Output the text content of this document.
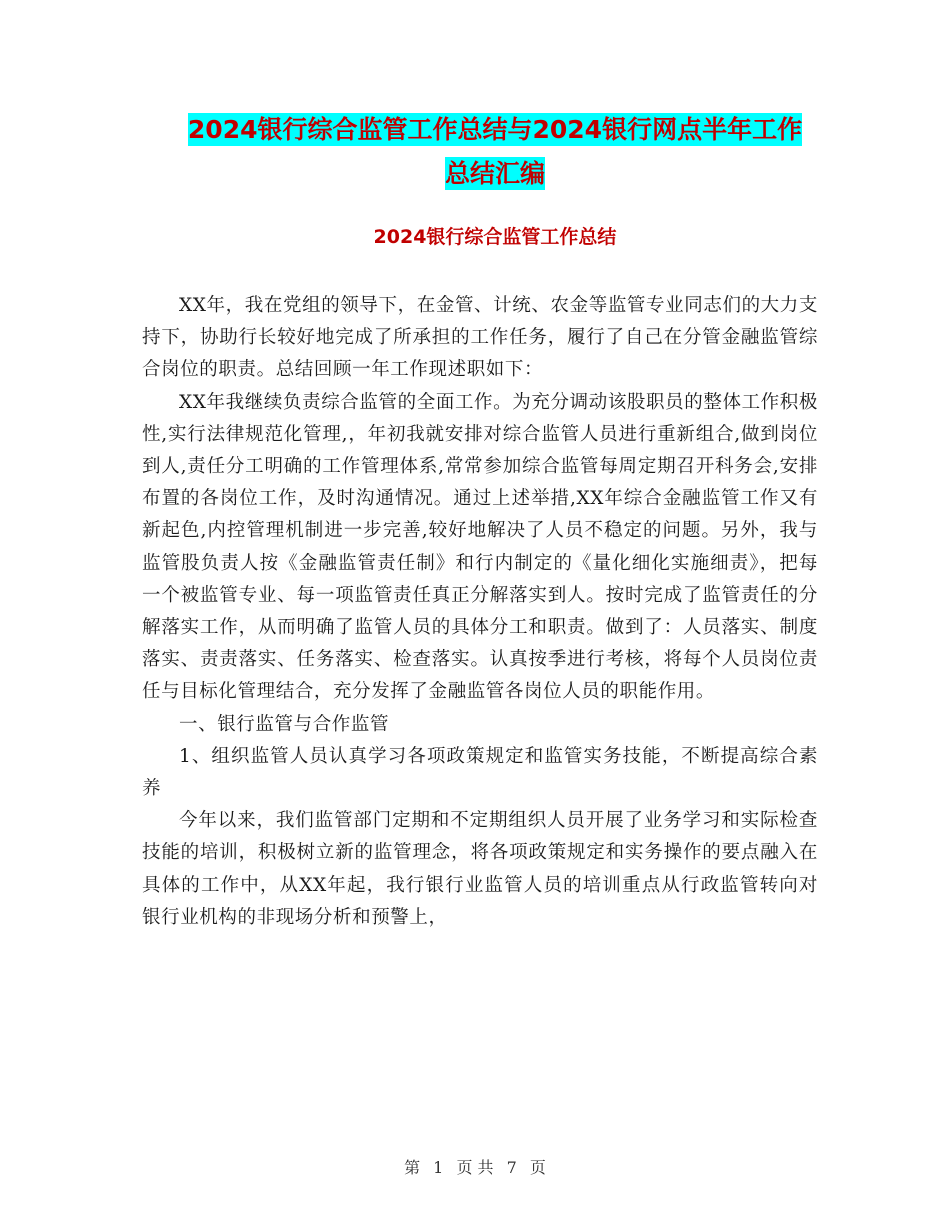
2024银行综合监管工作总结与2024银行网点半年工作
总结汇编
2024银行综合监管工作总结

XX年，我在党组的领导下，在金管、计统、农金等监管专业同志们的大力支持下，协助行长较好地完成了所承担的工作任务，履行了自己在分管金融监管综合岗位的职责。总结回顾一年工作现述职如下：

XX年我继续负责综合监管的全面工作。为充分调动该股职员的整体工作积极性,实行法律规范化管理,，年初我就安排对综合监管人员进行重新组合,做到岗位到人,责任分工明确的工作管理体系,常常参加综合监管每周定期召开科务会,安排布置的各岗位工作，及时沟通情况。通过上述举措,XX年综合金融监管工作又有新起色,内控管理机制进一步完善,较好地解决了人员不稳定的问题。另外，我与监管股负责人按《金融监管责任制》和行内制定的《量化细化实施细责》，把每一个被监管专业、每一项监管责任真正分解落实到人。按时完成了监管责任的分解落实工作，从而明确了监管人员的具体分工和职责。做到了：人员落实、制度落实、责责落实、任务落实、检查落实。认真按季进行考核，将每个人员岗位责任与目标化管理结合，充分发挥了金融监管各岗位人员的职能作用。

一、银行监管与合作监管

1、组织监管人员认真学习各项政策规定和监管实务技能，不断提高综合素养

今年以来，我们监管部门定期和不定期组织人员开展了业务学习和实际检查技能的培训，积极树立新的监管理念，将各项政策规定和实务操作的要点融入在具体的工作中，从XX年起，我行银行业监管人员的培训重点从行政监管转向对银行业机构的非现场分析和预警上，

第 1 页 共 7 页
